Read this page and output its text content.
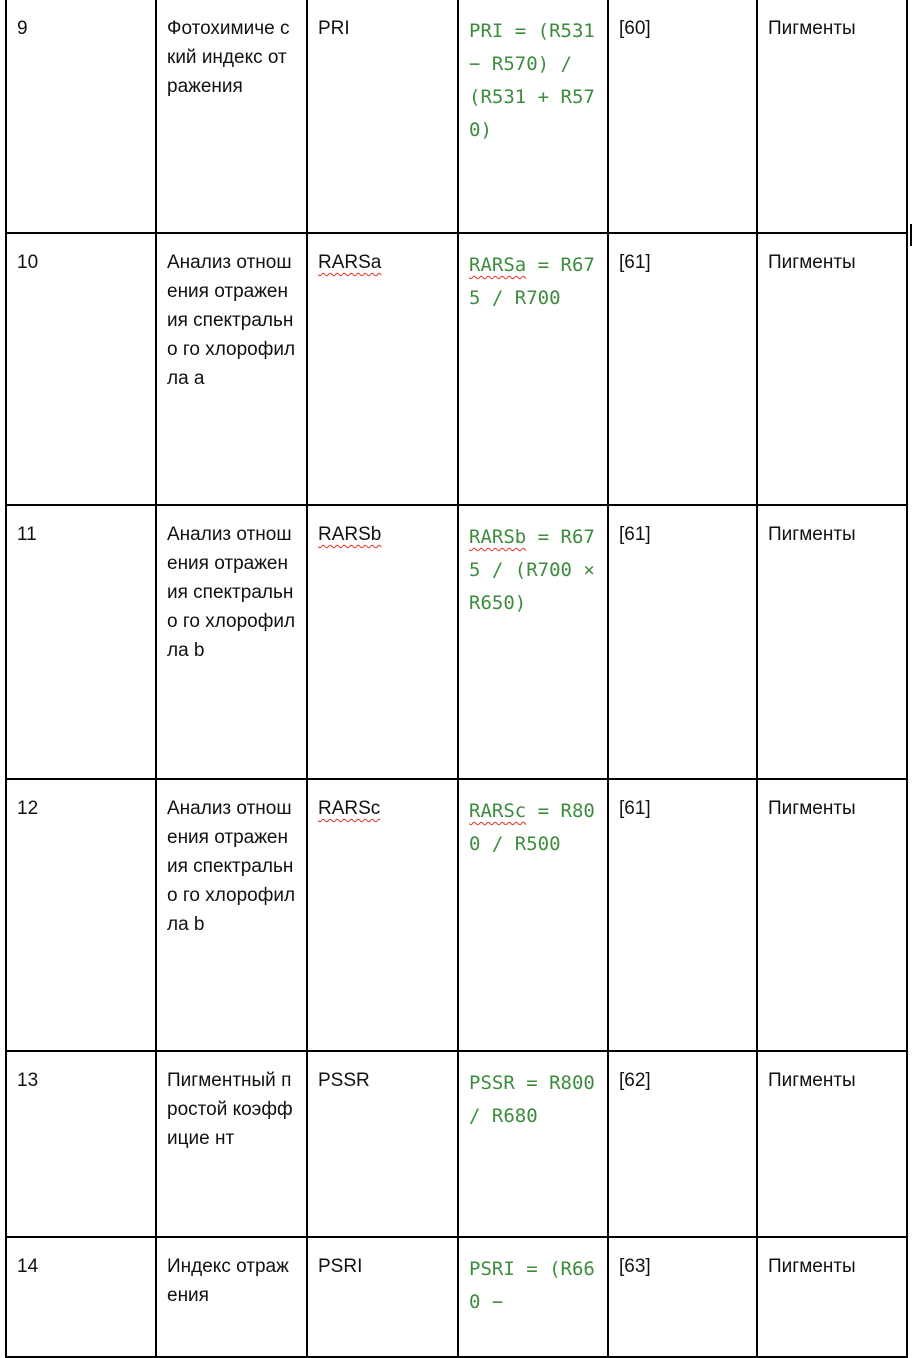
9	Фотохимиче ский индекс отражения	PRI	PRI = (R531 − R570) / (R531 + R570)	[60]	Пигменты
10	Анализ отношения отражения спектрально го хлорофилла a	RARSa	RARSa = R675 / R700	[61]	Пигменты
11	Анализ отношения отражения спектрально го хлорофилла b	RARSb	RARSb = R675 / (R700 × R650)	[61]	Пигменты
12	Анализ отношения отражения спектрально го хлорофилла b	RARSc	RARSc = R800 / R500	[61]	Пигменты
13	Пигментный простой коэффицие нт	PSSR	PSSR = R800 / R680	[62]	Пигменты
14	Индекс отражения	PSRI	PSRI = (R660 −	[63]	Пигменты
